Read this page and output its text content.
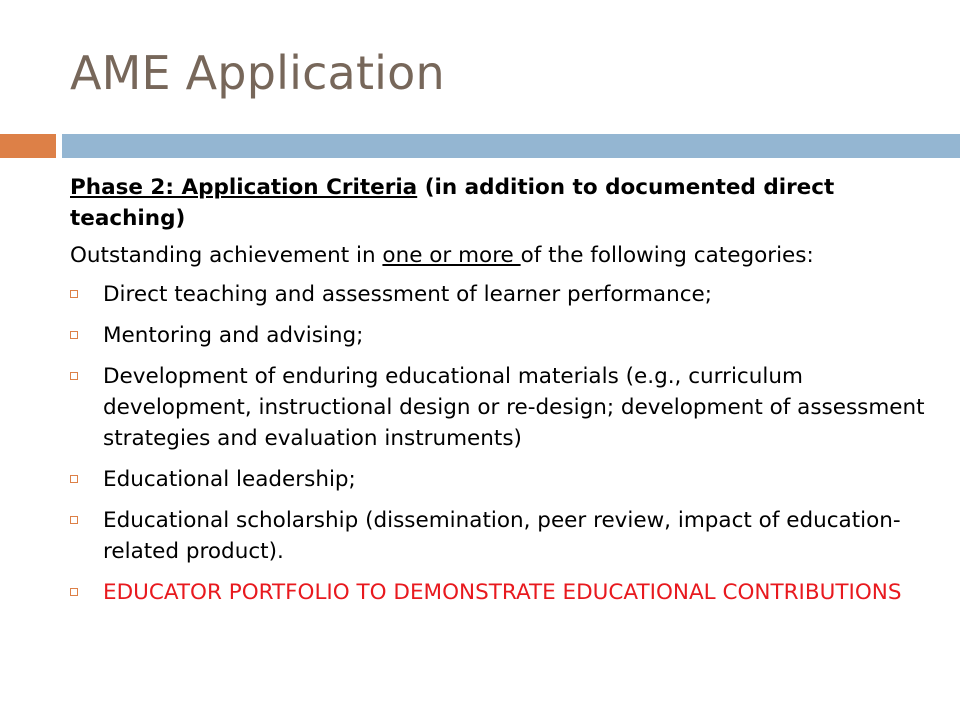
AME Application

Phase 2: Application Criteria (in addition to documented direct teaching)

Outstanding achievement in one or more of the following categories:

Direct teaching and assessment of learner performance;
Mentoring and advising;
Development of enduring educational materials (e.g., curriculum development, instructional design or re-design; development of assessment strategies and evaluation instruments)
Educational leadership;
Educational scholarship (dissemination, peer review, impact of education-related product).
EDUCATOR PORTFOLIO TO DEMONSTRATE EDUCATIONAL CONTRIBUTIONS
